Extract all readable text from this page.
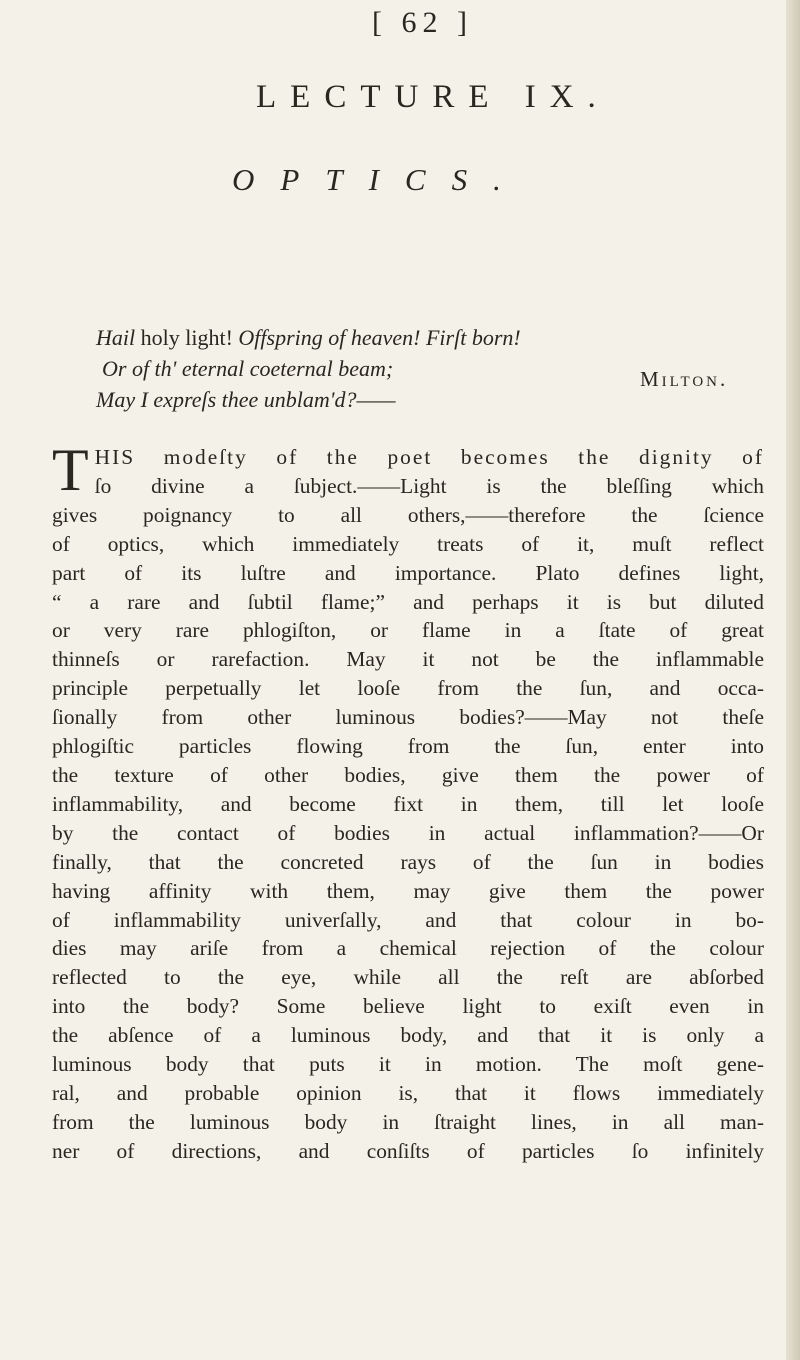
[ 62 ]
LECTURE IX.
OPTICS.
Hail holy light! Offspring of heaven! Firſt born!
Or of th' eternal coeternal beam;
May I expreſs thee unblam'd?——
Milton.
T HIS modeſty of the poet becomes the dignity of
ſo divine a ſubject.——Light is the bleſſing which
gives poignancy to all others,——therefore the ſcience
of optics, which immediately treats of it, muſt reflect
part of its luſtre and importance. Plato defines light,
“ a rare and ſubtil flame;” and perhaps it is but diluted
or very rare phlogiſton, or flame in a ſtate of great
thinneſs or rarefaction. May it not be the inflammable
principle perpetually let looſe from the ſun, and occa-
ſionally from other luminous bodies?——May not theſe
phlogiſtic particles flowing from the ſun, enter into
the texture of other bodies, give them the power of
inflammability, and become fixt in them, till let looſe
by the contact of bodies in actual inflammation?——Or
finally, that the concreted rays of the ſun in bodies
having affinity with them, may give them the power
of inflammability univerſally, and that colour in bo-
dies may ariſe from a chemical rejection of the colour
reflected to the eye, while all the reſt are abſorbed
into the body? Some believe light to exiſt even in
the abſence of a luminous body, and that it is only a
luminous body that puts it in motion. The moſt gene-
ral, and probable opinion is, that it flows immediately
from the luminous body in ſtraight lines, in all man-
ner of directions, and conſiſts of particles ſo infinitely
